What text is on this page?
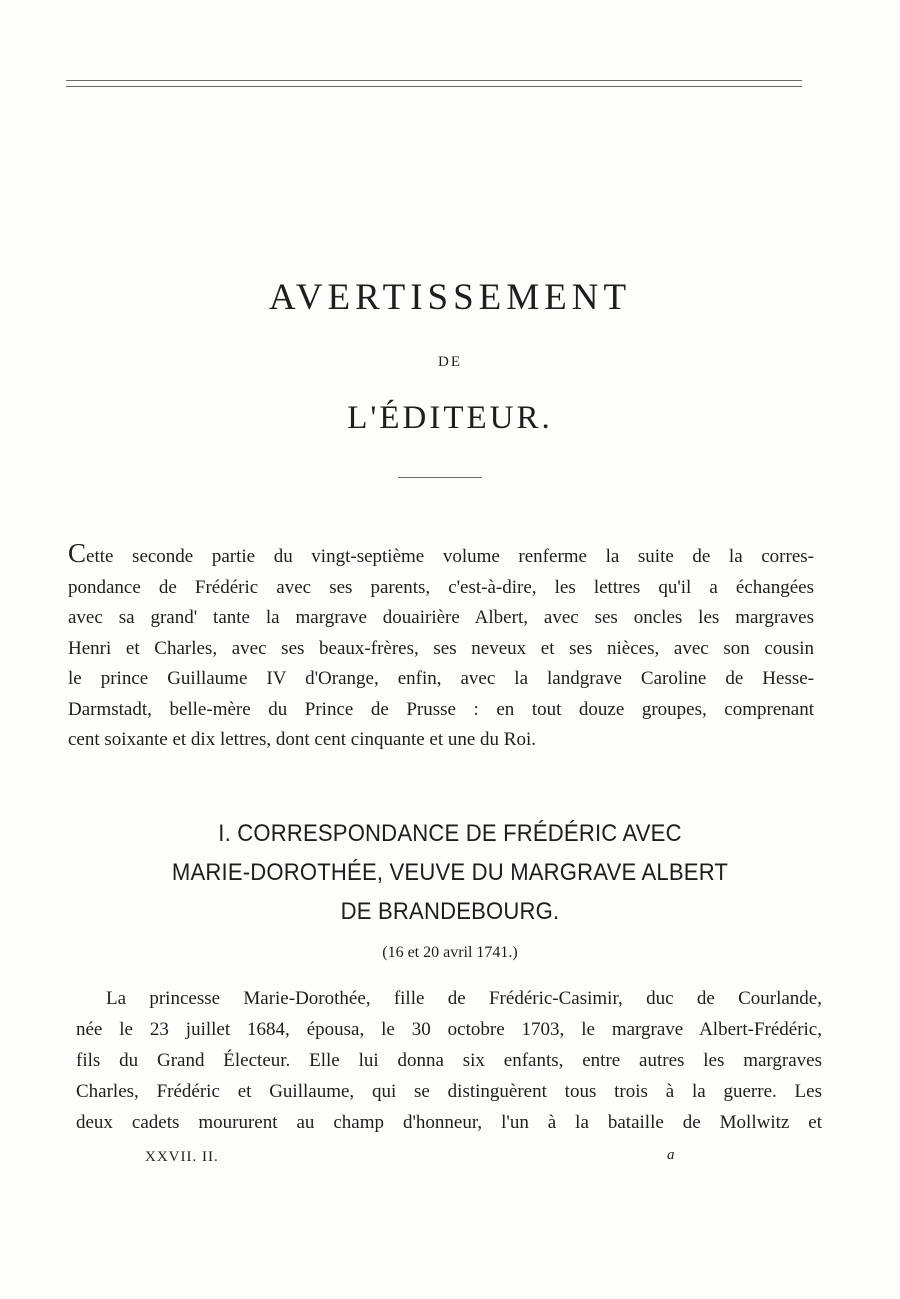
AVERTISSEMENT
DE
L'ÉDITEUR.
Cette seconde partie du vingt-septième volume renferme la suite de la corres-
pondance de Frédéric avec ses parents, c'est-à-dire, les lettres qu'il a échangées
avec sa grand' tante la margrave douairière Albert, avec ses oncles les margraves
Henri et Charles, avec ses beaux-frères, ses neveux et ses nièces, avec son cousin
le prince Guillaume IV d'Orange, enfin, avec la landgrave Caroline de Hesse-
Darmstadt, belle-mère du Prince de Prusse : en tout douze groupes, comprenant
cent soixante et dix lettres, dont cent cinquante et une du Roi.
I. CORRESPONDANCE DE FRÉDÉRIC AVEC
MARIE-DOROTHÉE, VEUVE DU MARGRAVE ALBERT
DE BRANDEBOURG.
(16 et 20 avril 1741.)
La princesse Marie-Dorothée, fille de Frédéric-Casimir, duc de Courlande,
née le 23 juillet 1684, épousa, le 30 octobre 1703, le margrave Albert-Frédéric,
fils du Grand Électeur. Elle lui donna six enfants, entre autres les margraves
Charles, Frédéric et Guillaume, qui se distinguèrent tous trois à la guerre. Les
deux cadets moururent au champ d'honneur, l'un à la bataille de Mollwitz et
XXVII. II.	a
